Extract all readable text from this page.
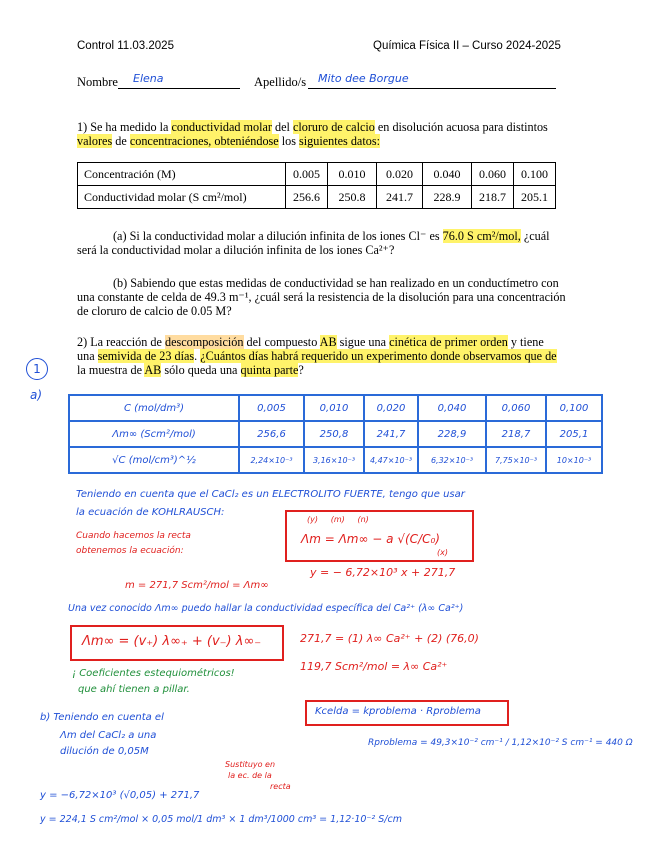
Control 11.03.2025	Química Física II – Curso 2024-2025
Nombre Elena	Apellido/s Mito dee Borgue
1) Se ha medido la conductividad molar del cloruro de calcio en disolución acuosa para distintos
valores de concentraciones, obteniéndose los siguientes datos:
Concentración (M)	0.005	0.010	0.020	0.040	0.060	0.100
Conductividad molar (S cm²/mol)	256.6	250.8	241.7	228.9	218.7	205.1
(a) Si la conductividad molar a dilución infinita de los iones Cl⁻ es 76.0 S cm²/mol, ¿cuál
será la conductividad molar a dilución infinita de los iones Ca²⁺?
(b) Sabiendo que estas medidas de conductividad se han realizado en un conductímetro con
una constante de celda de 49.3 m⁻¹, ¿cuál será la resistencia de la disolución para una concentración
de cloruro de calcio de 0.05 M?
2) La reacción de descomposición del compuesto AB sigue una cinética de primer orden y tiene
una semivida de 23 días. ¿Cuántos días habrá requerido un experimento donde observamos que de
la muestra de AB sólo queda una quinta parte?
1
a)
C (mol/dm³)	0,005	0,010	0,020	0,040	0,060	0,100
Λm∞ (Scm²/mol)	256,6	250,8	241,7	228,9	218,7	205,1
√C (mol/cm³)^½	2,24×10⁻³	3,16×10⁻³	4,47×10⁻³	6,32×10⁻³	7,75×10⁻³	10×10⁻³
Teniendo en cuenta que el CaCl₂ es un ELECTROLITO FUERTE, tengo que usar
la ecuación de KOHLRAUSCH:
Cuando hacemos la recta
obtenemos la ecuación:
(y)     (m)     (n)
Λm = Λm∞ − a √(C/C₀)
(x)
m = 271,7 Scm²/mol = Λm∞
y = − 6,72×10³ x + 271,7
Una vez conocido Λm∞ puedo hallar la conductividad específica del Ca²⁺ (λ∞ Ca²⁺)
Λm∞ = (v₊) λ∞₊ + (v₋) λ∞₋	271,7 = (1) λ∞ Ca²⁺ + (2) (76,0)
119,7 Scm²/mol = λ∞ Ca²⁺
¡ Coeficientes estequiométricos!
que ahí tienen a pillar.
b) Teniendo en cuenta el
Λm del CaCl₂ a una
dilución de 0,05M
Kcelda = kproblema · Rproblema
Sustituyo en
la ec. de la
recta
Rproblema = 49,3×10⁻² cm⁻¹ / 1,12×10⁻² S cm⁻¹ = 440 Ω
y = −6,72×10³ (√0,05) + 271,7
y = 224,1 S cm²/mol × 0,05 mol/1 dm³ × 1 dm³/1000 cm³ = 1,12·10⁻² S/cm
